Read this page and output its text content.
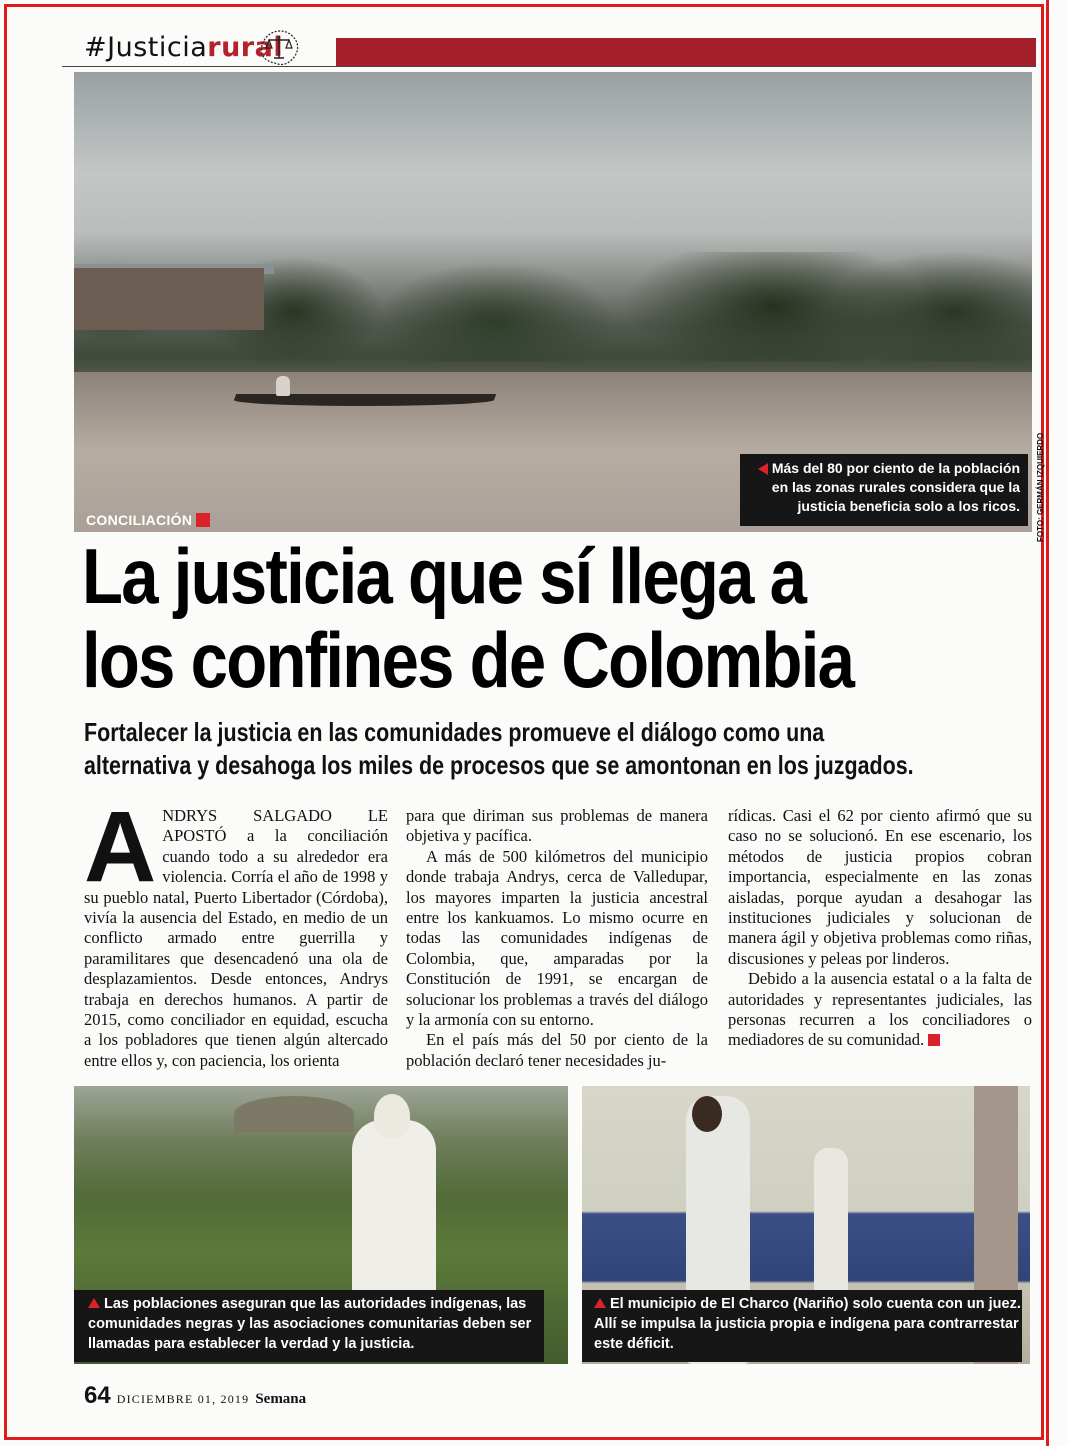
#Justiciarural
Más del 80 por ciento de la población
en las zonas rurales considera que la
justicia beneficia solo a los ricos. FOTO: GERMÁN IZQUIERDO
CONCILIACIÓN
La justicia que sí llega a
los confines de Colombia
Fortalecer la justicia en las comunidades promueve el diálogo como una
alternativa y desahoga los miles de procesos que se amontonan en los juzgados.
A NDRYS SALGADO LE APOSTÓ a la conciliación cuando todo a su alrededor era violencia. Corría el año de 1998 y su pueblo natal, Puerto Libertador (Córdoba), vivía la ausencia del Estado, en medio de un conflicto armado entre guerrilla y paramilitares que desencadenó una ola de desplazamientos. Desde entonces, Andrys trabaja en derechos humanos. A partir de 2015, como conciliador en equidad, escucha a los pobladores que tienen algún altercado entre ellos y, con paciencia, los orienta

para que diriman sus problemas de manera objetiva y pacífica.

A más de 500 kilómetros del municipio donde trabaja Andrys, cerca de Valledupar, los mayores imparten la justicia ancestral entre los kankuamos. Lo mismo ocurre en todas las comunidades indígenas de Colombia, que, amparadas por la Constitución de 1991, se encargan de solucionar los problemas a través del diálogo y la armonía con su entorno.

En el país más del 50 por ciento de la población declaró tener necesidades ju-

rídicas. Casi el 62 por ciento afirmó que su caso no se solucionó. En ese escenario, los métodos de justicia propios cobran importancia, especialmente en las zonas aisladas, porque ayudan a desahogar las instituciones judiciales y solucionan de manera ágil y objetiva problemas como riñas, discusiones y peleas por linderos.

Debido a la ausencia estatal o a la falta de autoridades y representantes judiciales, las personas recurren a los conciliadores o mediadores de su comunidad.

Las poblaciones aseguran que las autoridades indígenas, las
comunidades negras y las asociaciones comunitarias deben ser
llamadas para establecer la verdad y la justicia.
El municipio de El Charco (Nariño) solo cuenta con un juez.
Allí se impulsa la justicia propia e indígena para contrarrestar
este déficit.
64 DICIEMBRE 01, 2019 Semana
